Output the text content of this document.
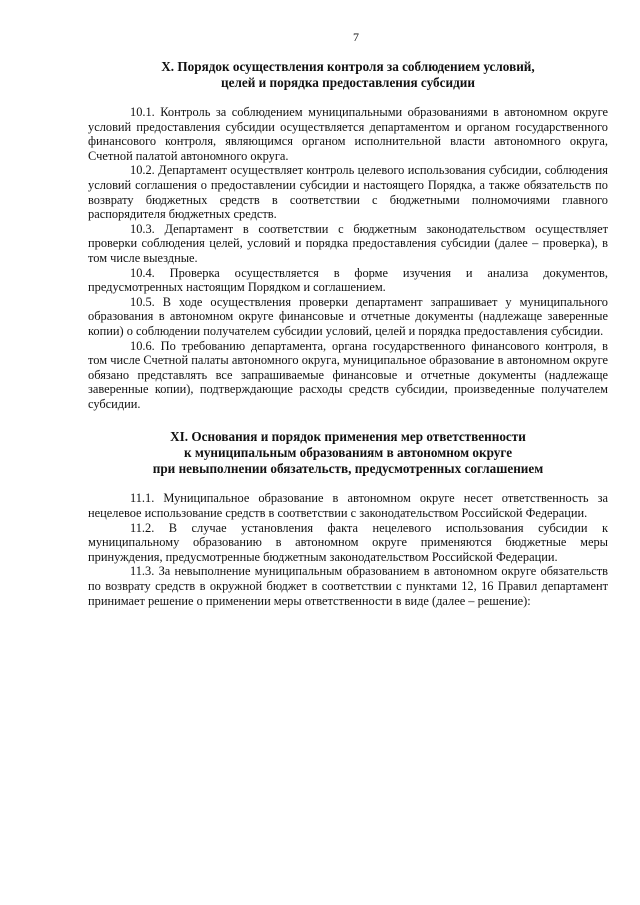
7
X. Порядок осуществления контроля за соблюдением условий,
целей и порядка предоставления субсидии

10.1. Контроль за соблюдением муниципальными образованиями в автономном округе условий предоставления субсидии осуществляется департаментом и органом государственного финансового контроля, являющимся органом исполнительной власти автономного округа, Счетной палатой автономного округа.

10.2. Департамент осуществляет контроль целевого использования субсидии, соблюдения условий соглашения о предоставлении субсидии и настоящего Порядка, а также обязательств по возврату бюджетных средств в соответствии с бюджетными полномочиями главного распорядителя бюджетных средств.

10.3. Департамент в соответствии с бюджетным законодательством осуществляет проверки соблюдения целей, условий и порядка предоставления субсидии (далее – проверка), в том числе выездные.

10.4. Проверка осуществляется в форме изучения и анализа документов, предусмотренных настоящим Порядком и соглашением.

10.5. В ходе осуществления проверки департамент запрашивает у муниципального образования в автономном округе финансовые и отчетные документы (надлежаще заверенные копии) о соблюдении получателем субсидии условий, целей и порядка предоставления субсидии.

10.6. По требованию департамента, органа государственного финансового контроля, в том числе Счетной палаты автономного округа, муниципальное образование в автономном округе обязано представлять все запрашиваемые финансовые и отчетные документы (надлежаще заверенные копии), подтверждающие расходы средств субсидии, произведенные получателем субсидии.

XI. Основания и порядок применения мер ответственности
к муниципальным образованиям в автономном округе
при невыполнении обязательств, предусмотренных соглашением

11.1. Муниципальное образование в автономном округе несет ответственность за нецелевое использование средств в соответствии с законодательством Российской Федерации.

11.2. В случае установления факта нецелевого использования субсидии к муниципальному образованию в автономном округе применяются бюджетные меры принуждения, предусмотренные бюджетным законодательством Российской Федерации.

11.3. За невыполнение муниципальным образованием в автономном округе обязательств по возврату средств в окружной бюджет в соответствии с пунктами 12, 16 Правил департамент принимает решение о применении меры ответственности в виде (далее – решение):
